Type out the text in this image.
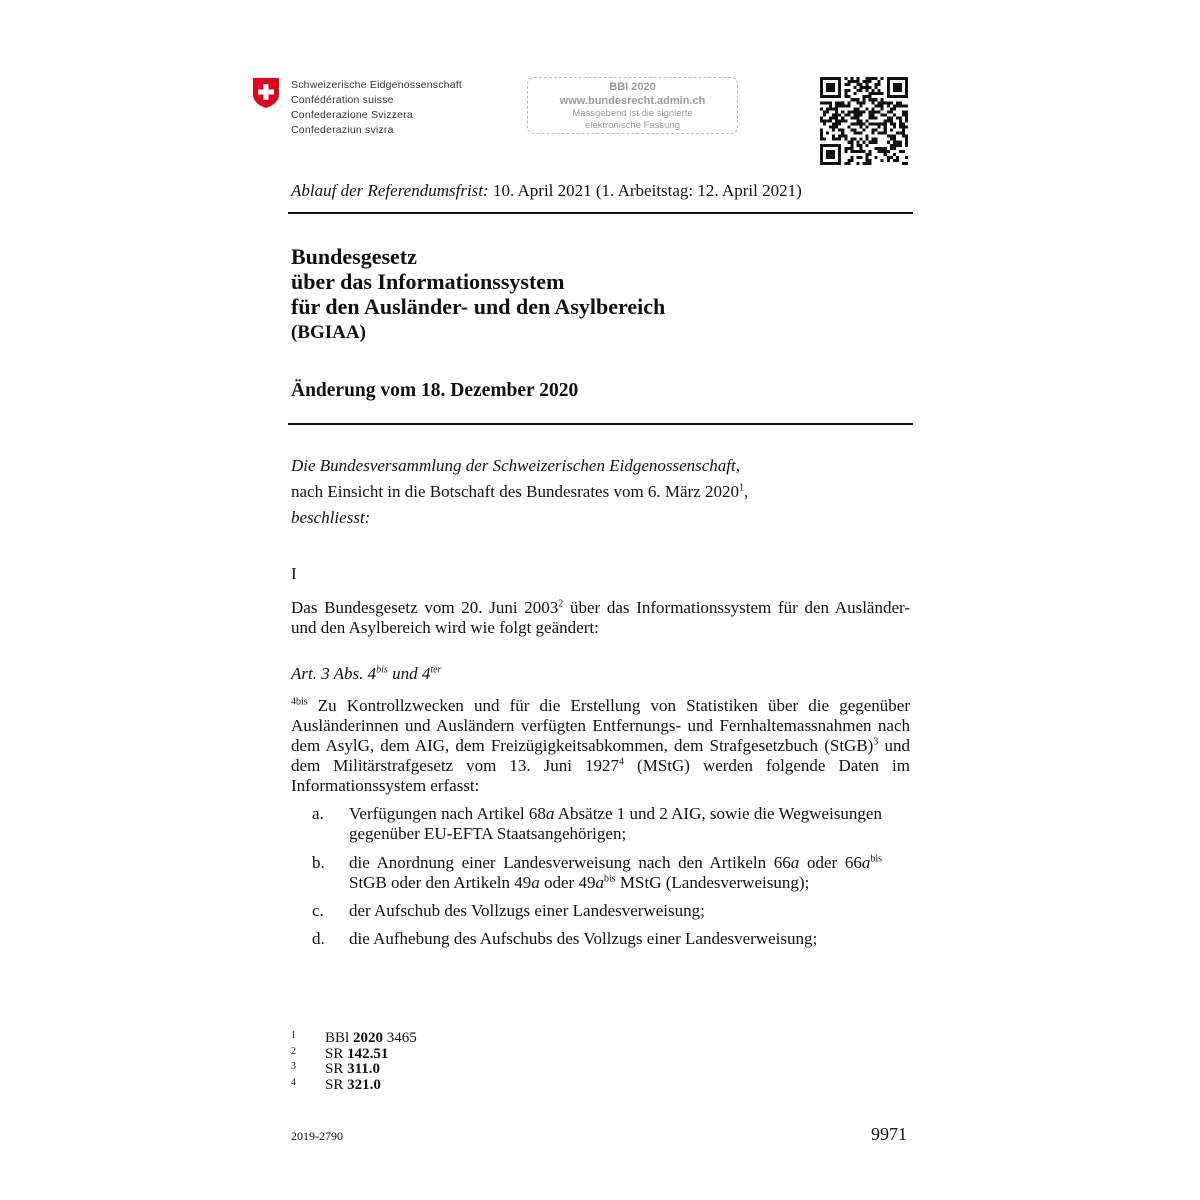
Schweizerische Eidgenossenschaft
Confédération suisse
Confederazione Svizzera
Confederaziun svizra
BBl 2020
www.bundesrecht.admin.ch
Massgebend ist die signierte
elektronische Fassung
Ablauf der Referendumsfrist: 10. April 2021 (1. Arbeitstag: 12. April 2021)
Bundesgesetz
über das Informationssystem
für den Ausländer- und den Asylbereich
(BGIAA)
Änderung vom 18. Dezember 2020
Die Bundesversammlung der Schweizerischen Eidgenossenschaft,
nach Einsicht in die Botschaft des Bundesrates vom 6. März 2020$^1$,
beschliesst:
I
Das Bundesgesetz vom 20. Juni 2003$^2$ über das Informationssystem für den Ausländer- und den Asylbereich wird wie folgt geändert:
Art. 3 Abs. $4^{bis}$ und $4^{ter}$
$^{4bis}$ Zu Kontrollzwecken und für die Erstellung von Statistiken über die gegenüber Ausländerinnen und Ausländern verfügten Entfernungs- und Fernhaltemassnahmen nach dem AsylG, dem AIG, dem Freizügigkeitsabkommen, dem Strafgesetzbuch (StGB)$^3$ und dem Militärstrafgesetz vom 13. Juni 1927$^4$ (MStG) werden folgende Daten im Informationssystem erfasst:
a. Verfügungen nach Artikel 68a Absätze 1 und 2 AIG, sowie die Wegweisungen gegenüber EU-EFTA Staatsangehörigen;
b. die Anordnung einer Landesverweisung nach den Artikeln 66a oder $66a^{bis}$ StGB oder den Artikeln 49a oder $49a^{bis}$ MStG (Landesverweisung);
c. der Aufschub des Vollzugs einer Landesverweisung;
d. die Aufhebung des Aufschubs des Vollzugs einer Landesverweisung;
1 BBl 2020 3465
2 SR 142.51
3 SR 311.0
4 SR 321.0
2019-2790	9971
